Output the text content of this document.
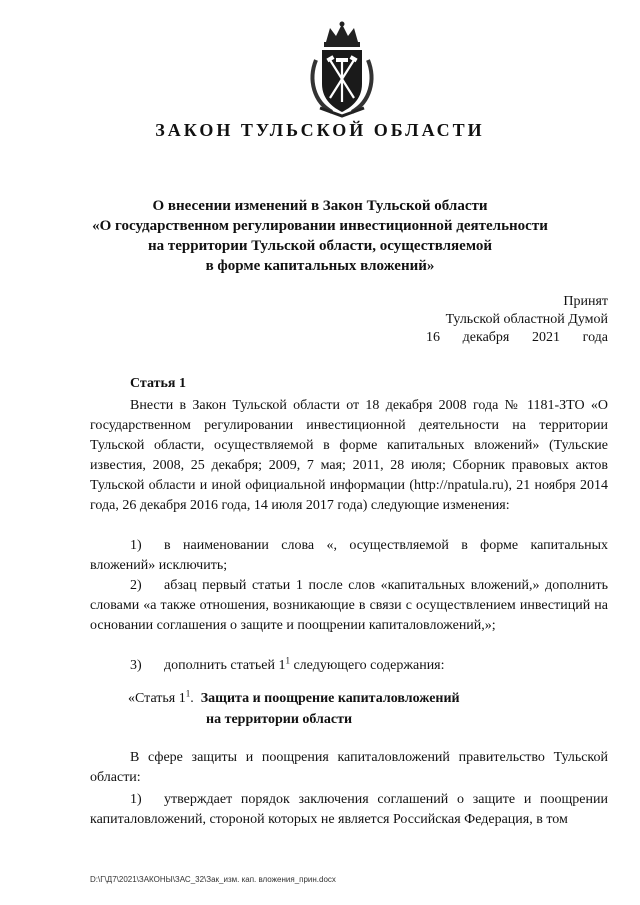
ЗАКОН ТУЛЬСКОЙ ОБЛАСТИ
О внесении изменений в Закон Тульской области
«О государственном регулировании инвестиционной деятельности
на территории Тульской области, осуществляемой
в форме капитальных вложений»
Принят
Тульской областной Думой
16 декабря 2021 года
Статья 1

Внести в Закон Тульской области от 18 декабря 2008 года № 1181-ЗТО «О государственном регулировании инвестиционной деятельности на территории Тульской области, осуществляемой в форме капитальных вложений» (Тульские известия, 2008, 25 декабря; 2009, 7 мая; 2011, 28 июля; Сборник правовых актов Тульской области и иной официальной информации (http://npatula.ru), 21 ноября 2014 года, 26 декабря 2016 года, 14 июля 2017 года) следующие изменения:

1) в наименовании слова «, осуществляемой в форме капитальных вложений» исключить;

2) абзац первый статьи 1 после слов «капитальных вложений,» дополнить словами «а также отношения, возникающие в связи с осуществлением инвестиций на основании соглашения о защите и поощрении капиталовложений,»;

3) дополнить статьей $1^1$ следующего содержания:

«Статья $1^1$. Защита и поощрение капиталовложений
на территории области

В сфере защиты и поощрения капиталовложений правительство Тульской области:

1) утверждает порядок заключения соглашений о защите и поощрении капиталовложений, стороной которых не является Российская Федерация, в том

D:\Г\Д7\2021\ЗАКОНЫ\ЗАС_32\Зак_изм. кап. вложения_прин.docx
